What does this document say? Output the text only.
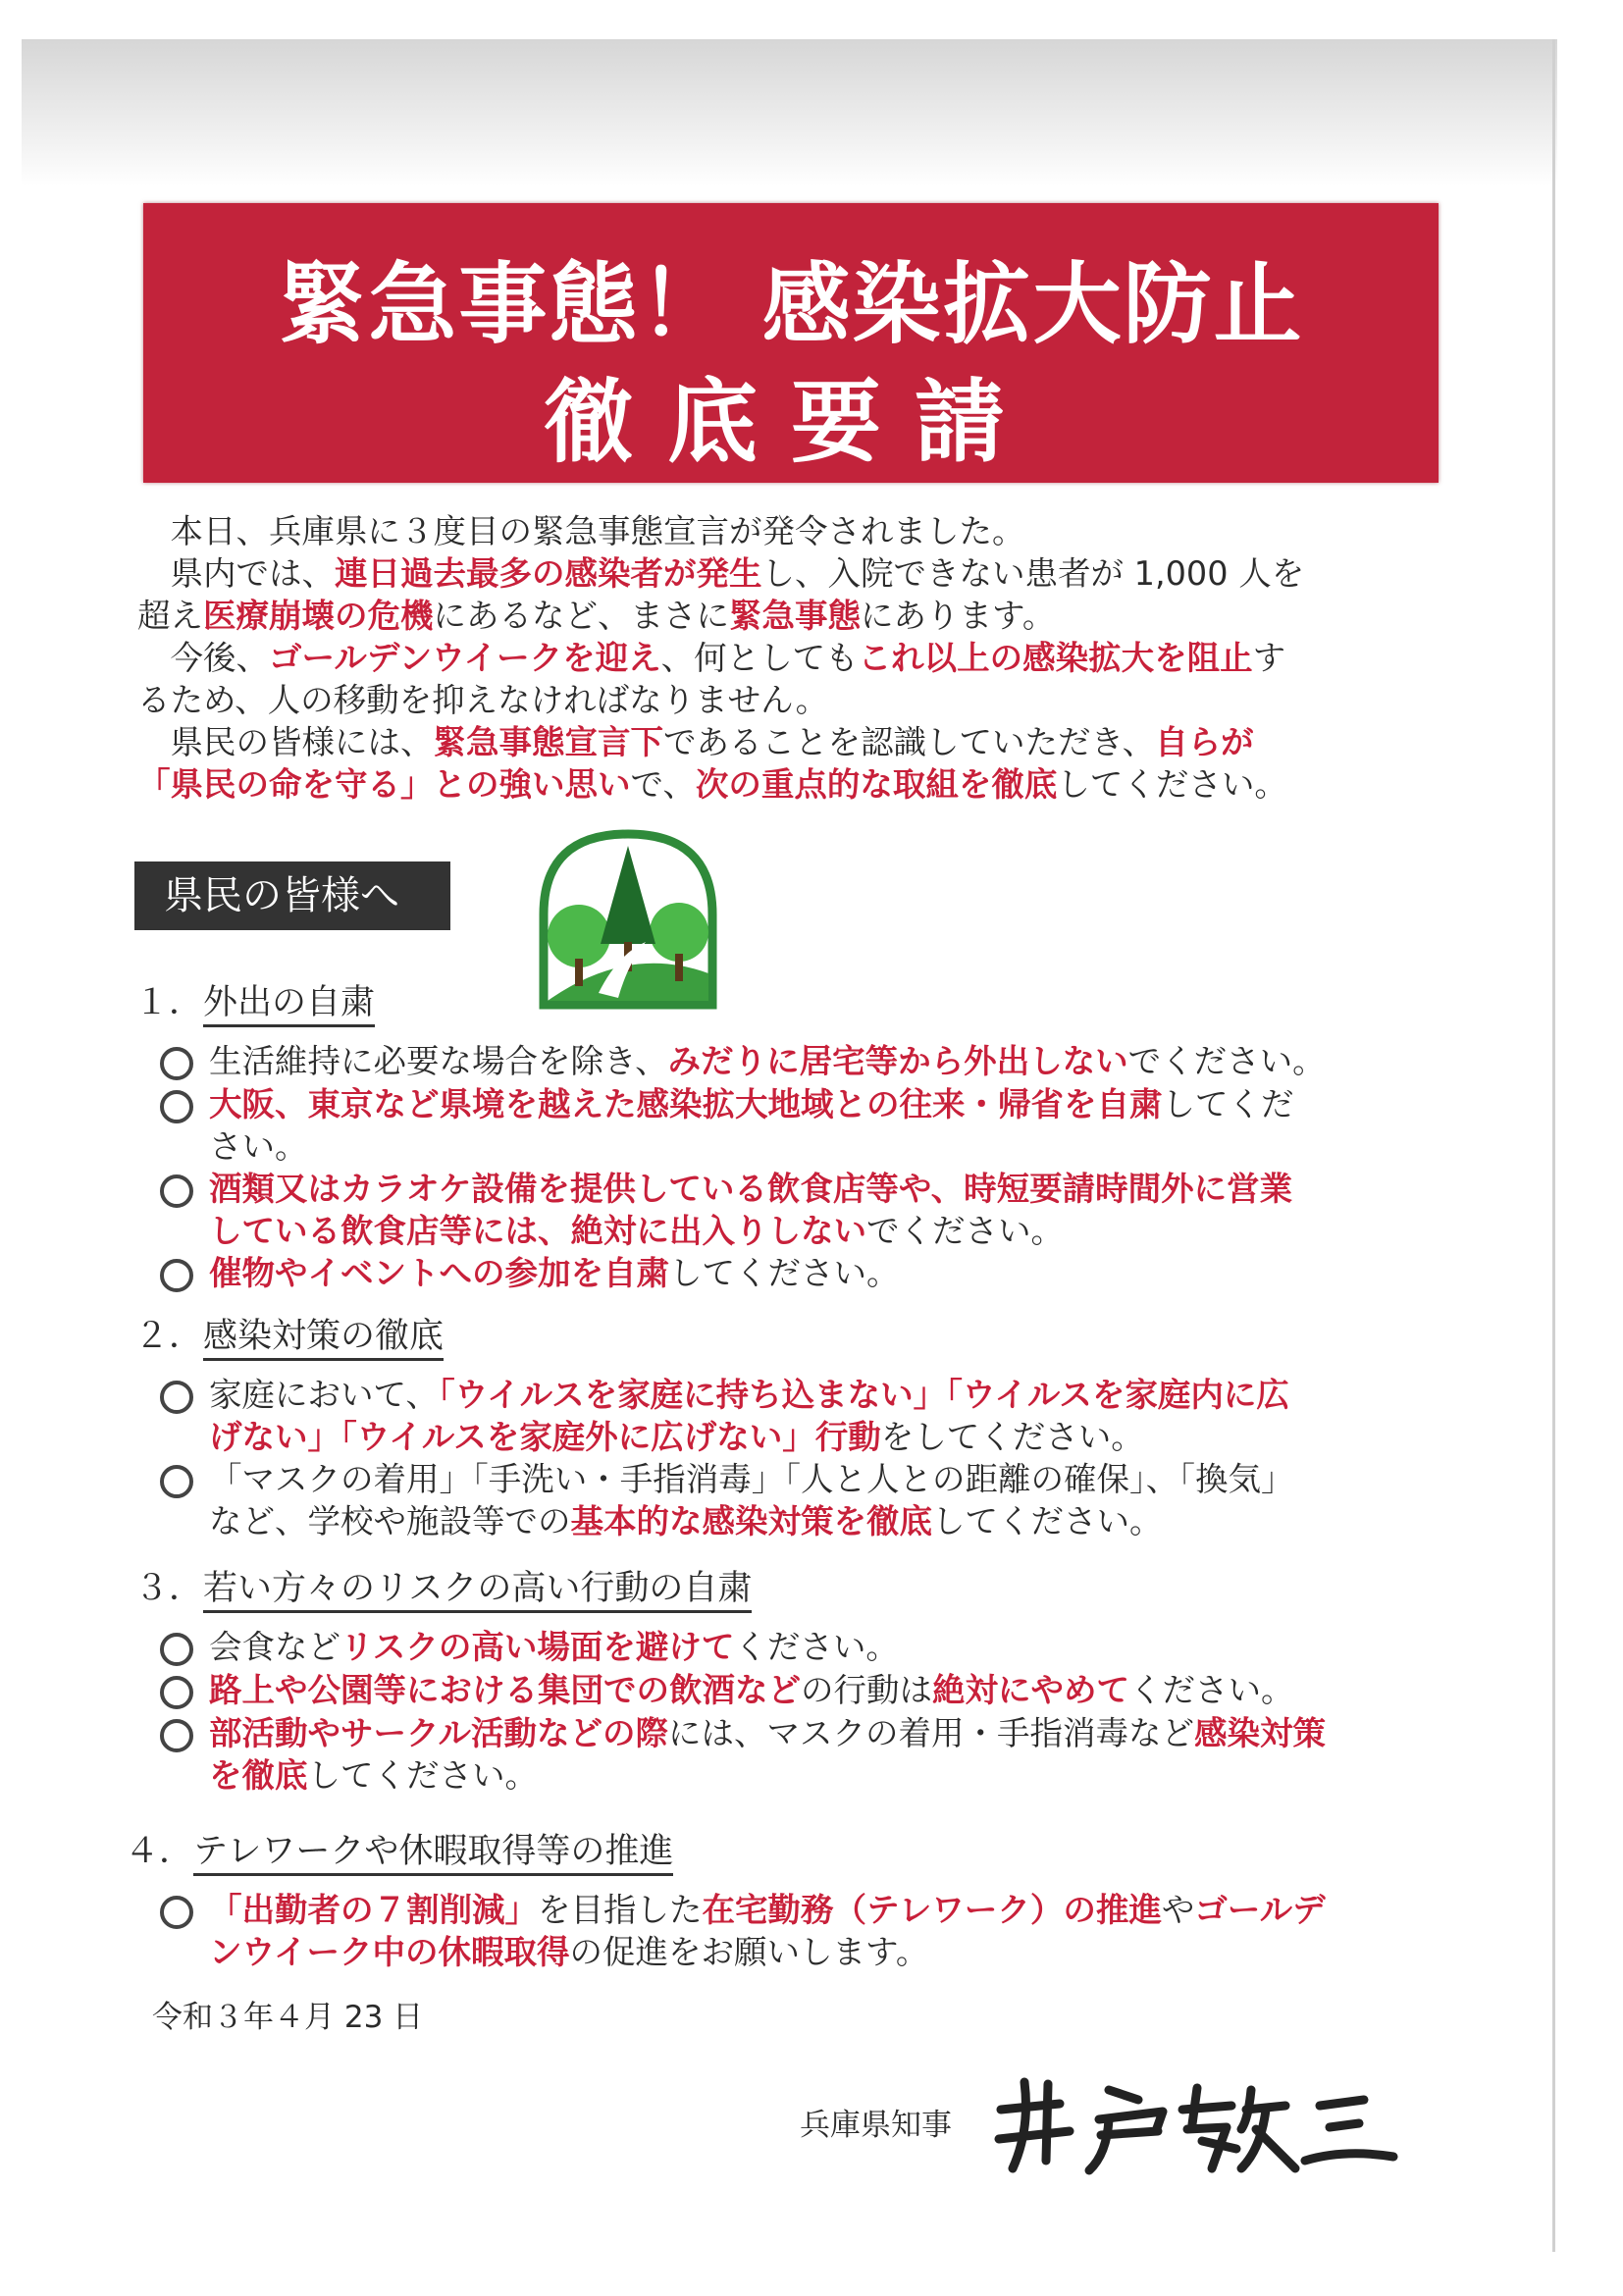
緊急事態！ 感染拡大防止
徹底要請
　本日、兵庫県に３度目の緊急事態宣言が発令されました。
　県内では、連日過去最多の感染者が発生し、入院できない患者が 1,000 人を
超え医療崩壊の危機にあるなど、まさに緊急事態にあります。
　今後、ゴールデンウイークを迎え、何としてもこれ以上の感染拡大を阻止す
るため、人の移動を抑えなければなりません。
　県民の皆様には、緊急事態宣言下であることを認識していただき、自らが
「県民の命を守る」との強い思いで、次の重点的な取組を徹底してください。
県民の皆様へ
１．外出の自粛
生活維持に必要な場合を除き、みだりに居宅等から外出しないでください。
大阪、東京など県境を越えた感染拡大地域との往来・帰省を自粛してくだ
さい。
酒類又はカラオケ設備を提供している飲食店等や、時短要請時間外に営業
している飲食店等には、絶対に出入りしないでください。
催物やイベントへの参加を自粛してください。
２．感染対策の徹底
家庭において、「ウイルスを家庭に持ち込まない」「ウイルスを家庭内に広
げない」「ウイルスを家庭外に広げない」行動をしてください。
「マスクの着用」「手洗い・手指消毒」「人と人との距離の確保」、「換気」
など、学校や施設等での基本的な感染対策を徹底してください。
３．若い方々のリスクの高い行動の自粛
会食などリスクの高い場面を避けてください。
路上や公園等における集団での飲酒などの行動は絶対にやめてください。
部活動やサークル活動などの際には、マスクの着用・手指消毒など感染対策
を徹底してください。
４．テレワークや休暇取得等の推進
「出勤者の７割削減」を目指した在宅勤務（テレワーク）の推進やゴールデ
ンウイーク中の休暇取得の促進をお願いします。
令和３年４月 23 日
兵庫県知事
